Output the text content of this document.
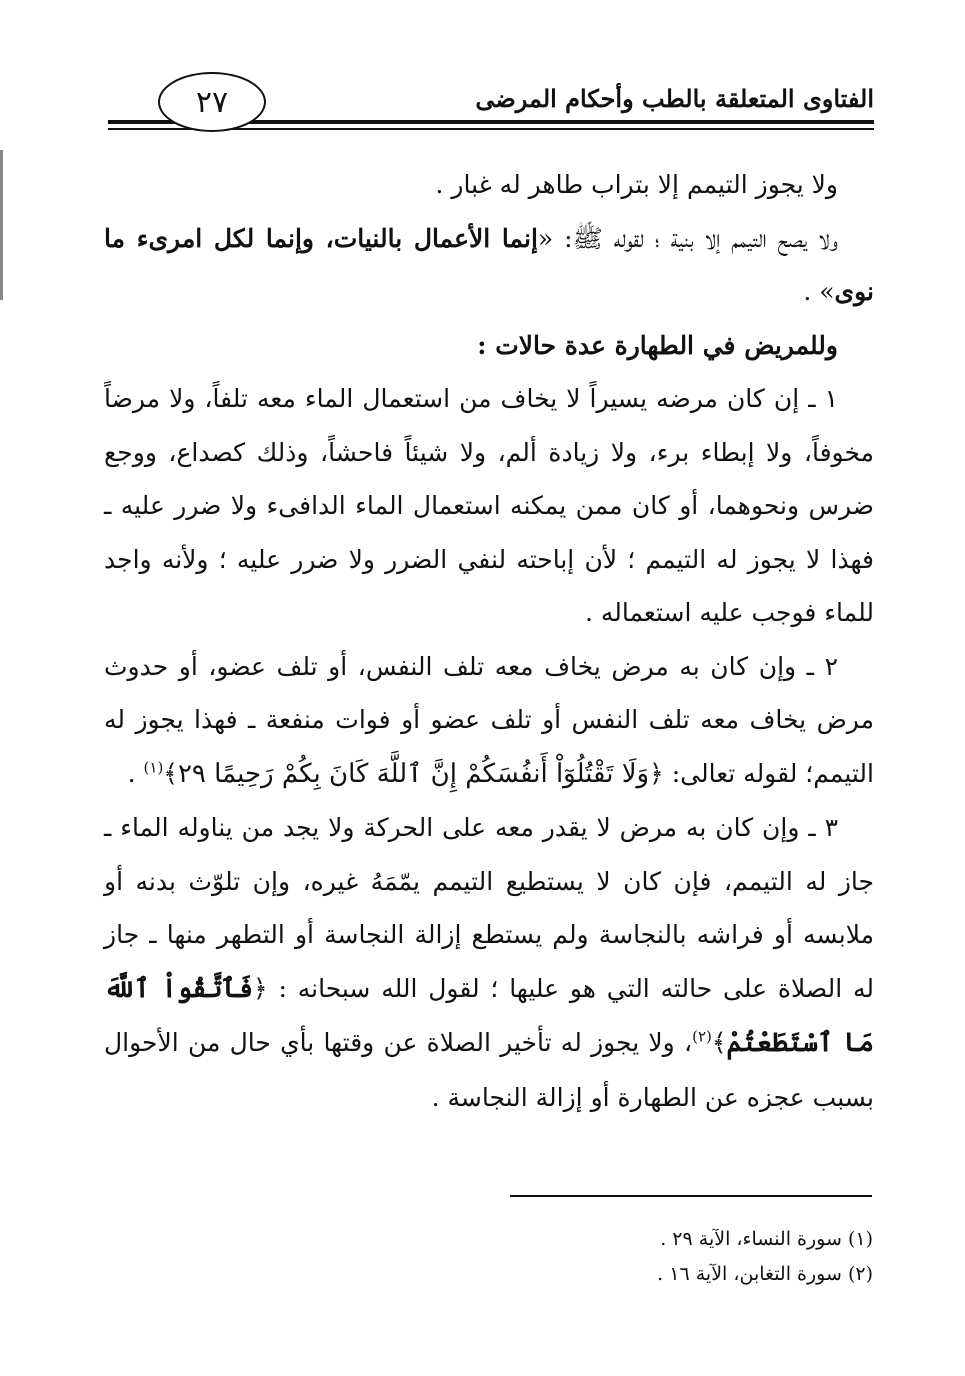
٢٧	الفتاوى المتعلقة بالطب وأحكام المرضى

ولا يجوز التيمم إلا بتراب طاهر له غبار .

ولا يصح التيمم إلا بنية ؛ لقوله ﷺ: «إنما الأعمال بالنيات، وإنما لكل امرىء ما نوى» .

وللمريض في الطهارة عدة حالات :

١ ـ إن كان مرضه يسيراً لا يخاف من استعمال الماء معه تلفاً، ولا مرضاً مخوفاً، ولا إبطاء برء، ولا زيادة ألم، ولا شيئاً فاحشاً، وذلك كصداع، ووجع ضرس ونحوهما، أو كان ممن يمكنه استعمال الماء الدافىء ولا ضرر عليه ـ فهذا لا يجوز له التيمم ؛ لأن إباحته لنفي الضرر ولا ضرر عليه ؛ ولأنه واجد للماء فوجب عليه استعماله .

٢ ـ وإن كان به مرض يخاف معه تلف النفس، أو تلف عضو، أو حدوث مرض يخاف معه تلف النفس أو تلف عضو أو فوات منفعة ـ فهذا يجوز له التيمم؛ لقوله تعالى: ﴿وَلَا تَقْتُلُوٓاْ أَنفُسَكُمْ إِنَّ ٱللَّهَ كَانَ بِكُمْ رَحِيمًا ٢٩﴾$^{(١)}$ .

٣ ـ وإن كان به مرض لا يقدر معه على الحركة ولا يجد من يناوله الماء ـ جاز له التيمم، فإن كان لا يستطيع التيمم يمّمَهُ غيره، وإن تلوّث بدنه أو ملابسه أو فراشه بالنجاسة ولم يستطع إزالة النجاسة أو التطهر منها ـ جاز له الصلاة على حالته التي هو عليها ؛ لقول الله سبحانه : ﴿فَٱتَّقُواْ ٱللَّهَ مَا ٱسْتَطَعْتُمْ﴾$^{(٢)}$، ولا يجوز له تأخير الصلاة عن وقتها بأي حال من الأحوال بسبب عجزه عن الطهارة أو إزالة النجاسة .

(١) سورة النساء، الآية ٢٩ .
(٢) سورة التغابن، الآية ١٦ .
